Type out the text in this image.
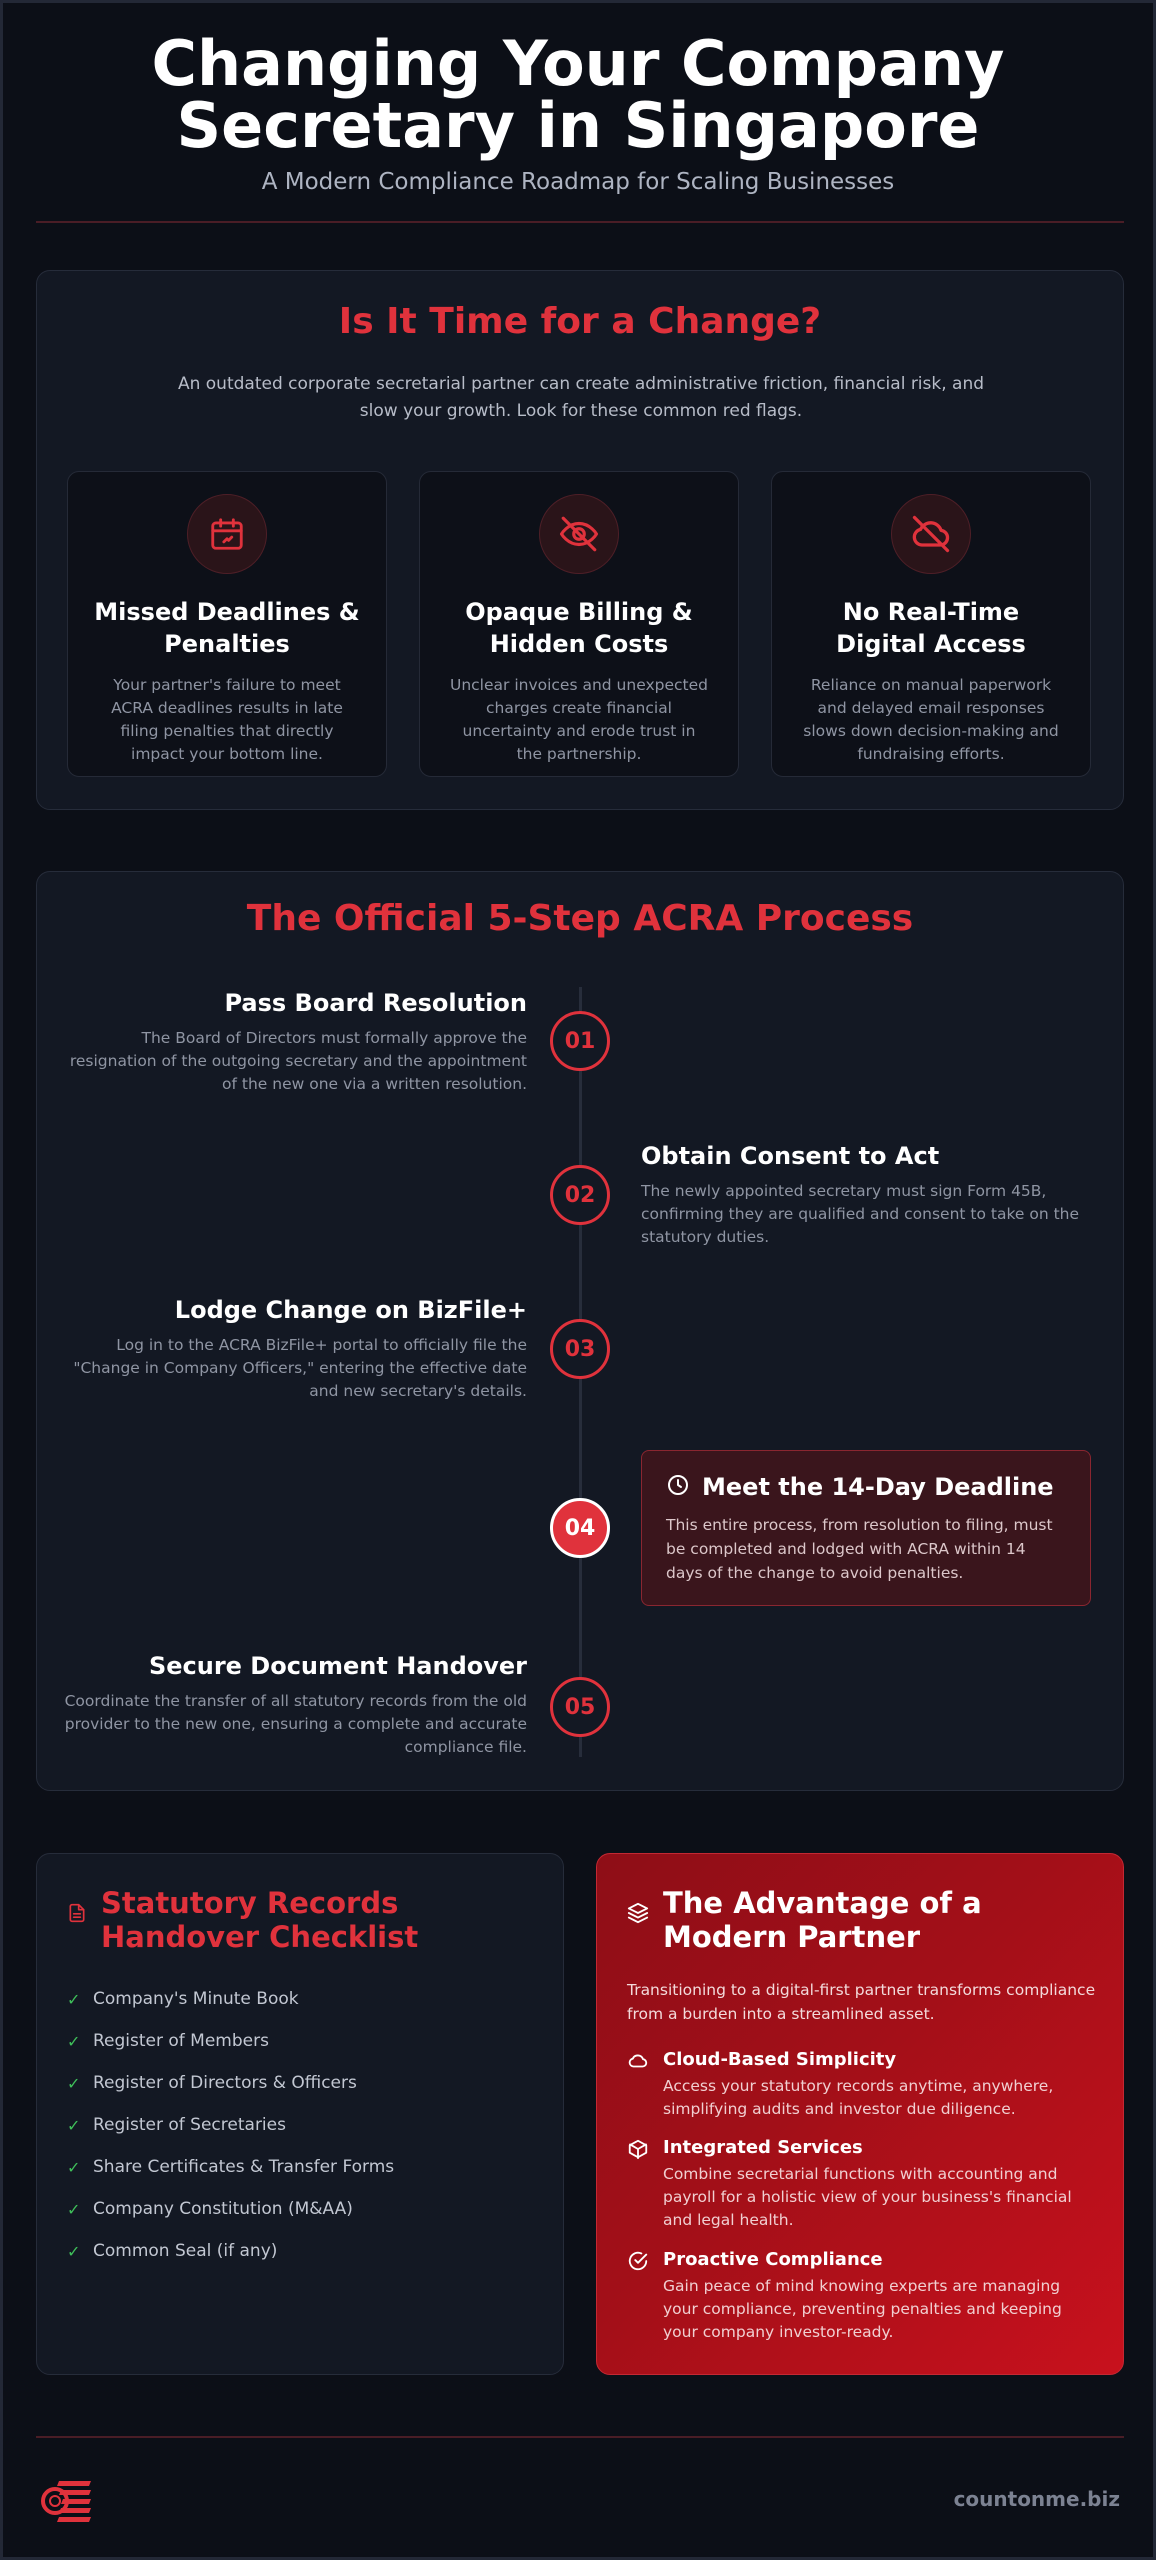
Changing Your Company Secretary in Singapore
A Modern Compliance Roadmap for Scaling Businesses
Is It Time for a Change?
An outdated corporate secretarial partner can create administrative friction, financial risk, and slow your growth. Look for these common red flags.
Missed Deadlines & Penalties
Your partner's failure to meet ACRA deadlines results in late filing penalties that directly impact your bottom line.
Opaque Billing & Hidden Costs
Unclear invoices and unexpected charges create financial uncertainty and erode trust in the partnership.
No Real-Time Digital Access
Reliance on manual paperwork and delayed email responses slows down decision-making and fundraising efforts.
The Official 5-Step ACRA Process
Pass Board Resolution
The Board of Directors must formally approve the resignation of the outgoing secretary and the appointment of the new one via a written resolution.
01
Obtain Consent to Act
The newly appointed secretary must sign Form 45B, confirming they are qualified and consent to take on the statutory duties.
02
Lodge Change on BizFile+
Log in to the ACRA BizFile+ portal to officially file the "Change in Company Officers," entering the effective date and new secretary's details.
03
Meet the 14-Day Deadline
This entire process, from resolution to filing, must be completed and lodged with ACRA within 14 days of the change to avoid penalties.
04
Secure Document Handover
Coordinate the transfer of all statutory records from the old provider to the new one, ensuring a complete and accurate compliance file.
05
Statutory Records Handover Checklist
✓ Company's Minute Book
✓ Register of Members
✓ Register of Directors & Officers
✓ Register of Secretaries
✓ Share Certificates & Transfer Forms
✓ Company Constitution (M&AA)
✓ Common Seal (if any)
The Advantage of a Modern Partner
Transitioning to a digital-first partner transforms compliance from a burden into a streamlined asset.
Cloud-Based Simplicity
Access your statutory records anytime, anywhere, simplifying audits and investor due diligence.
Integrated Services
Combine secretarial functions with accounting and payroll for a holistic view of your business's financial and legal health.
Proactive Compliance
Gain peace of mind knowing experts are managing your compliance, preventing penalties and keeping your company investor-ready.
countonme.biz
